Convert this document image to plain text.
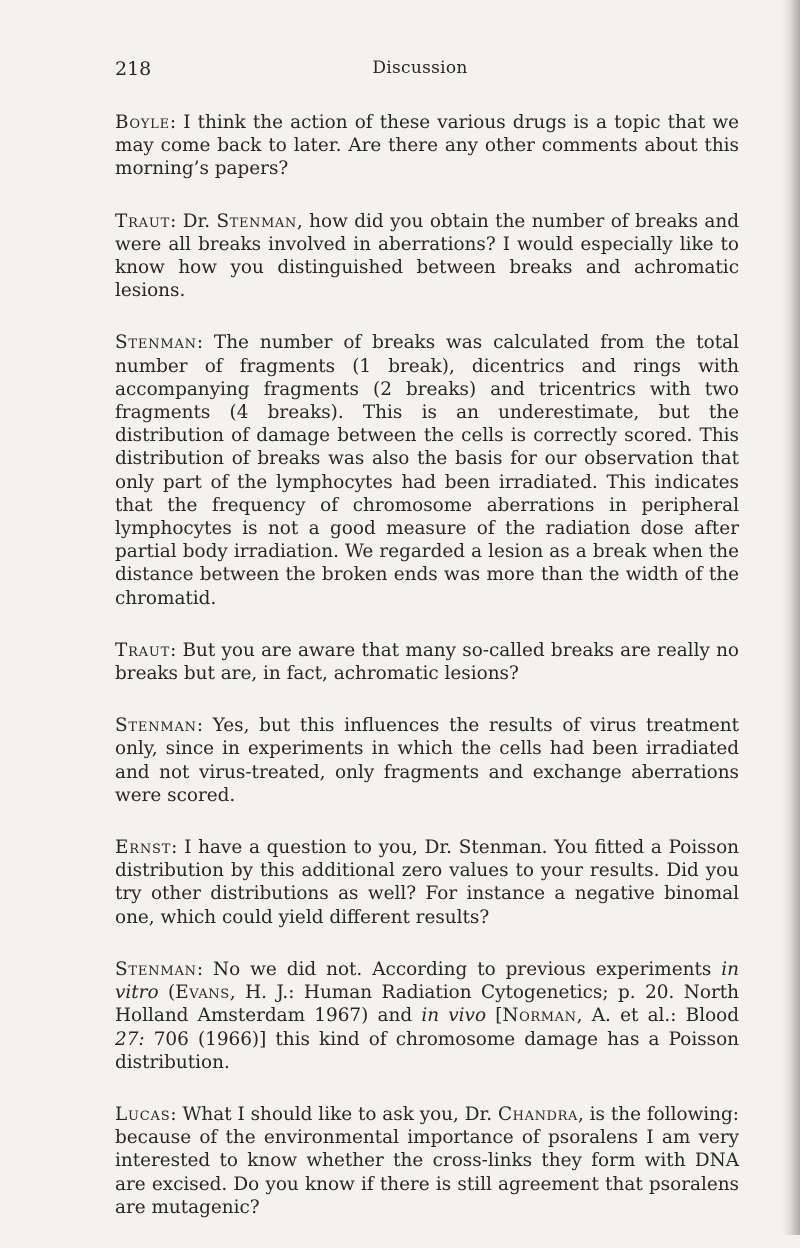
218	Discussion

Boyle: I think the action of these various drugs is a topic that we may come back to later. Are there any other comments about this morning’s papers?

Traut: Dr. Stenman, how did you obtain the number of breaks and were all breaks involved in aberrations? I would especially like to know how you distinguished between breaks and achromatic lesions.

Stenman: The number of breaks was calculated from the total number of fragments (1 break), dicentrics and rings with accompanying fragments (2 breaks) and tricentrics with two fragments (4 breaks). This is an underestimate, but the distribution of damage between the cells is correctly scored. This distribution of breaks was also the basis for our observation that only part of the lymphocytes had been irradiated. This indicates that the frequency of chromosome aberrations in peripheral lymphocytes is not a good measure of the radiation dose after partial body irradiation. We regarded a lesion as a break when the distance between the broken ends was more than the width of the chromatid.

Traut: But you are aware that many so-called breaks are really no breaks but are, in fact, achromatic lesions?

Stenman: Yes, but this influences the results of virus treatment only, since in experiments in which the cells had been irradiated and not virus-treated, only fragments and exchange aberrations were scored.

Ernst: I have a question to you, Dr. Stenman. You fitted a Poisson distribution by this additional zero values to your results. Did you try other distributions as well? For instance a negative binomal one, which could yield different results?

Stenman: No we did not. According to previous experiments in vitro (Evans, H. J.: Human Radiation Cytogenetics; p. 20. North Holland Amsterdam 1967) and in vivo [Norman, A. et al.: Blood 27: 706 (1966)] this kind of chromosome damage has a Poisson distribution.

Lucas: What I should like to ask you, Dr. Chandra, is the following: because of the environmental importance of psoralens I am very interested to know whether the cross-links they form with DNA are excised. Do you know if there is still agreement that psoralens are mutagenic?
